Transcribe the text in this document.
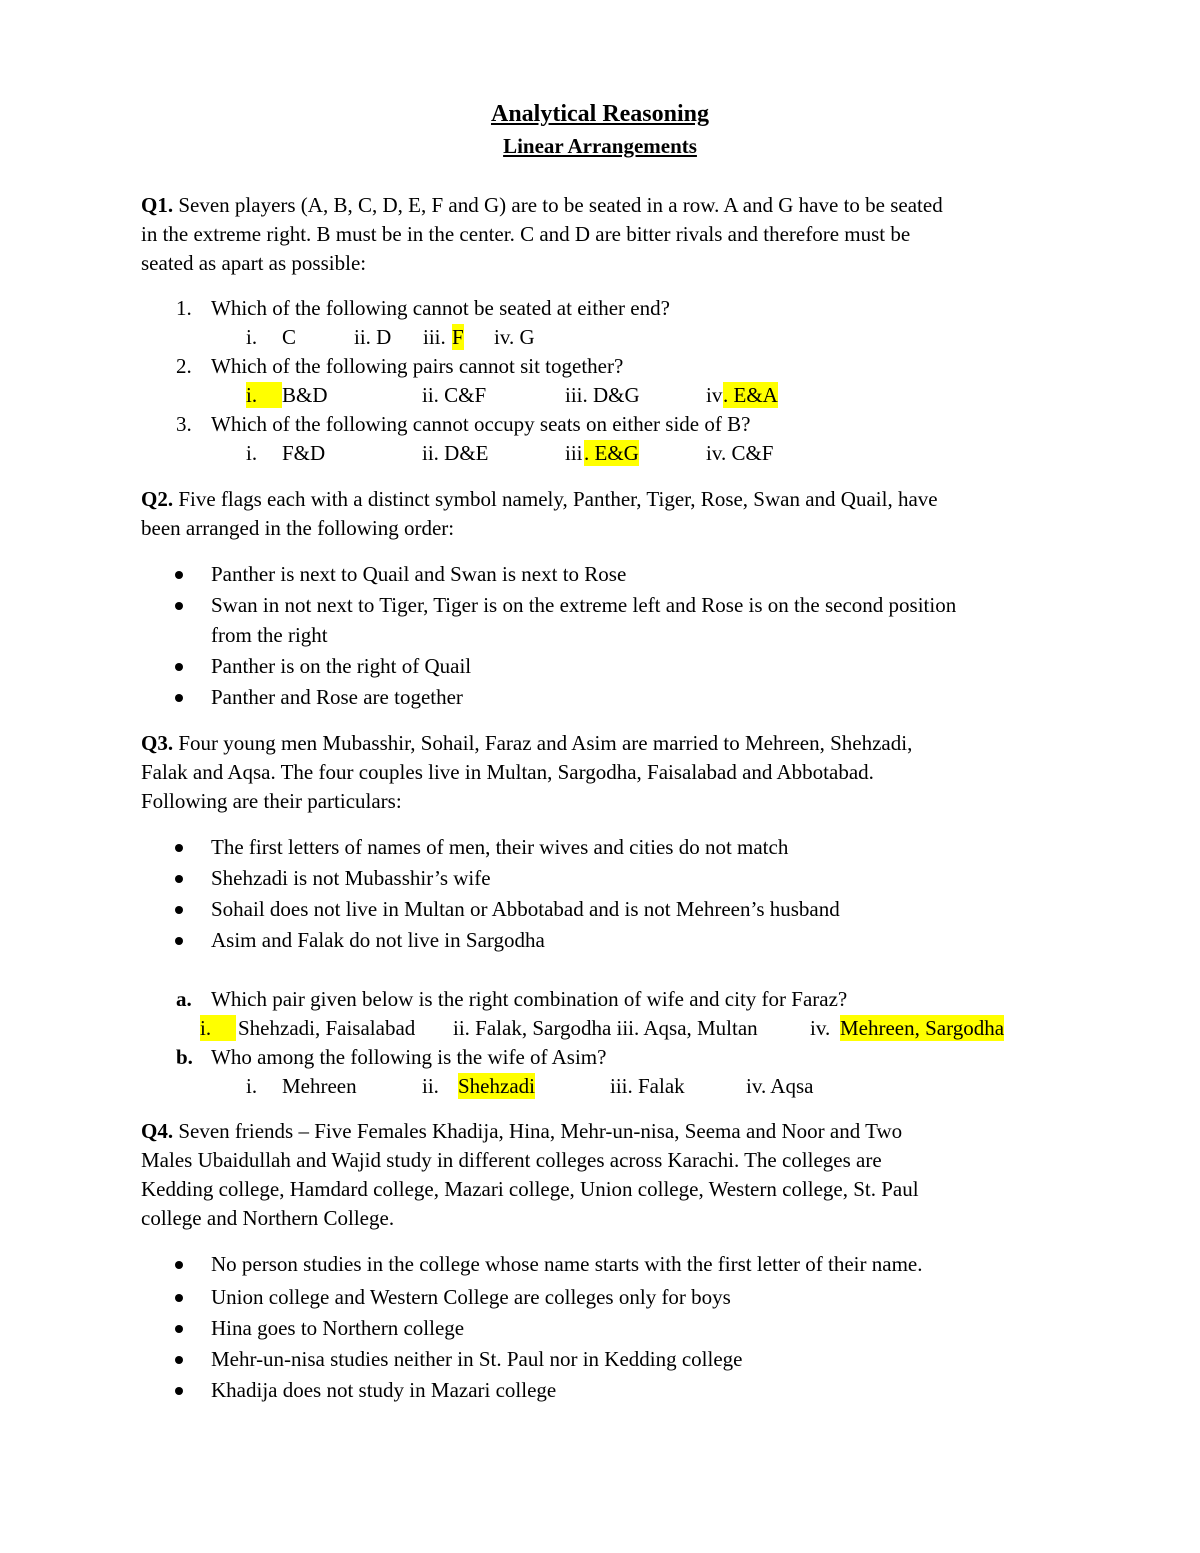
Analytical Reasoning
Linear Arrangements
Q1. Seven players (A, B, C, D, E, F and G) are to be seated in a row. A and G have to be seated
in the extreme right. B must be in the center. C and D are bitter rivals and therefore must be
seated as apart as possible:
1. Which of the following cannot be seated at either end?
i. C	ii. D iii. F iv. G
2. Which of the following pairs cannot sit together?
i.	B&D	ii. C&F	iii. D&G	iv . E&A
3. Which of the following cannot occupy seats on either side of B?
i. F&D	ii. D&E	iii . E&G	iv. C&F
Q2. Five flags each with a distinct symbol namely, Panther, Tiger, Rose, Swan and Quail, have
been arranged in the following order:
Panther is next to Quail and Swan is next to Rose
Swan in not next to Tiger, Tiger is on the extreme left and Rose is on the second position
from the right
Panther is on the right of Quail
Panther and Rose are together
Q3. Four young men Mubasshir, Sohail, Faraz and Asim are married to Mehreen, Shehzadi,
Falak and Aqsa. The four couples live in Multan, Sargodha, Faisalabad and Abbotabad.
Following are their particulars:
The first letters of names of men, their wives and cities do not match
Shehzadi is not Mubasshir’s wife
Sohail does not live in Multan or Abbotabad and is not Mehreen’s husband
Asim and Falak do not live in Sargodha
a. Which pair given below is the right combination of wife and city for Faraz?
i.	Shehzadi, Faisalabad ii. Falak, Sargodha iii. Aqsa, Multan iv. Mehreen, Sargodha
b. Who among the following is the wife of Asim?
i. Mehreen	ii. Shehzadi	iii. Falak	iv. Aqsa
Q4. Seven friends – Five Females Khadija, Hina, Mehr-un-nisa, Seema and Noor and Two
Males Ubaidullah and Wajid study in different colleges across Karachi. The colleges are
Kedding college, Hamdard college, Mazari college, Union college, Western college, St. Paul
college and Northern College.
No person studies in the college whose name starts with the first letter of their name.
Union college and Western College are colleges only for boys
Hina goes to Northern college
Mehr-un-nisa studies neither in St. Paul nor in Kedding college
Khadija does not study in Mazari college
